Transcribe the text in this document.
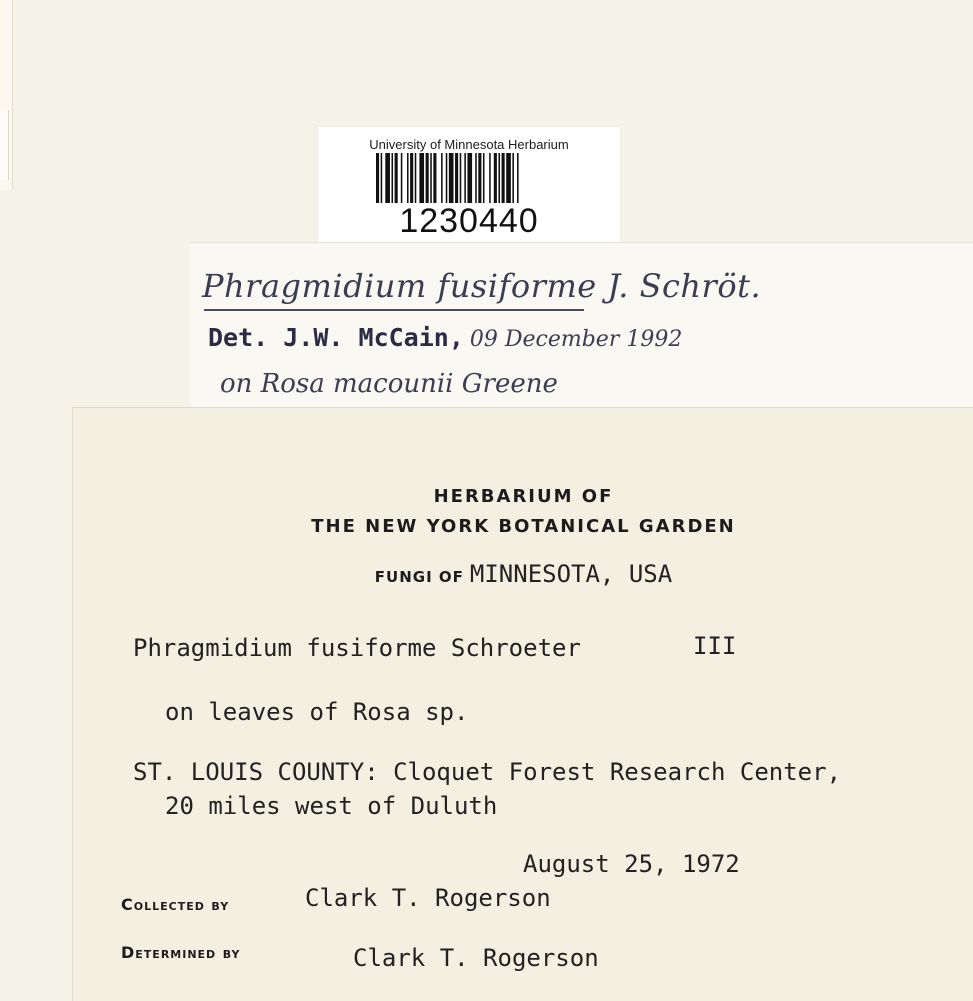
University of Minnesota Herbarium
1230440
Phragmidium fusiforme J. Schröt.
Det. J.W. McCain, 09 December 1992
on Rosa macounii Greene
HERBARIUM OF
THE NEW YORK BOTANICAL GARDEN
FUNGI OF MINNESOTA, USA
Phragmidium fusiforme Schroeter	III
on leaves of Rosa sp.
ST. LOUIS COUNTY: Cloquet Forest Research Center,
20 miles west of Duluth
August 25, 1972
Collected by	Clark T. Rogerson
Determined by	Clark T. Rogerson
